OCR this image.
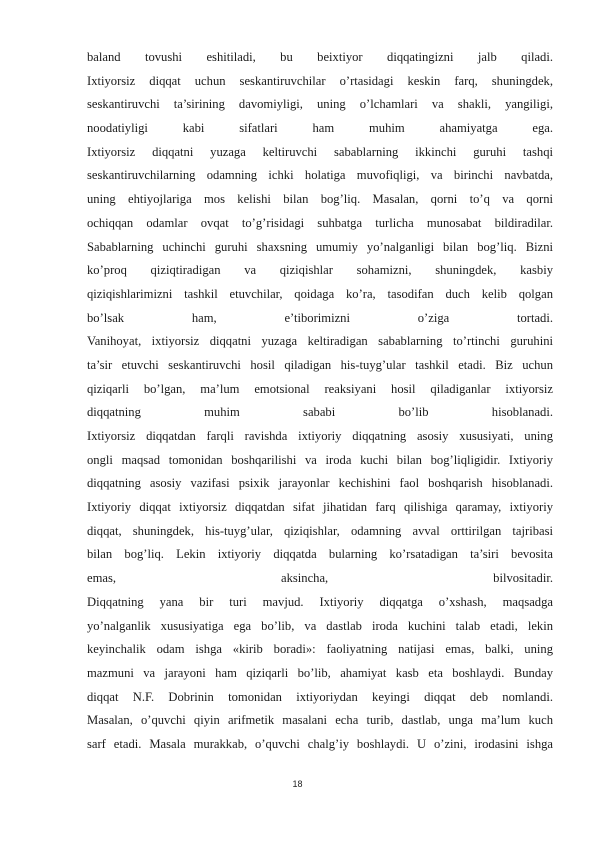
baland tovushi eshitiladi, bu beixtiyor diqqatingizni jalb qiladi.
Ixtiyorsiz diqqat uchun seskantiruvchilar o’rtasidagi keskin farq, shuningdek,
seskantiruvchi ta’sirining davomiyligi, uning o’lchamlari va shakli, yangiligi,
noodatiyligi kabi sifatlari ham muhim ahamiyatga ega.
Ixtiyorsiz diqqatni yuzaga keltiruvchi sabablarning ikkinchi guruhi tashqi
seskantiruvchilarning odamning ichki holatiga muvofiqligi, va birinchi navbatda,
uning ehtiyojlariga mos kelishi bilan bog’liq. Masalan, qorni to’q va qorni
ochiqqan odamlar ovqat to’g’risidagi suhbatga turlicha munosabat bildiradilar.
Sabablarning uchinchi guruhi shaxsning umumiy yo’nalganligi bilan bog’liq. Bizni
ko’proq qiziqtiradigan va qiziqishlar sohamizni, shuningdek, kasbiy
qiziqishlarimizni tashkil etuvchilar, qoidaga ko’ra, tasodifan duch kelib qolgan
bo’lsak ham, e’tiborimizni o’ziga tortadi.
Vanihoyat, ixtiyorsiz diqqatni yuzaga keltiradigan sabablarning to’rtinchi guruhini
ta’sir etuvchi seskantiruvchi hosil qiladigan his-tuyg’ular tashkil etadi. Biz uchun
qiziqarli bo’lgan, ma’lum emotsional reaksiyani hosil qiladiganlar ixtiyorsiz
diqqatning muhim sababi bo’lib hisoblanadi.
Ixtiyorsiz diqqatdan farqli ravishda ixtiyoriy diqqatning asosiy xususiyati, uning
ongli maqsad tomonidan boshqarilishi va iroda kuchi bilan bog’liqligidir. Ixtiyoriy
diqqatning asosiy vazifasi psixik jarayonlar kechishini faol boshqarish hisoblanadi.
Ixtiyoriy diqqat ixtiyorsiz diqqatdan sifat jihatidan farq qilishiga qaramay, ixtiyoriy
diqqat, shuningdek, his-tuyg’ular, qiziqishlar, odamning avval orttirilgan tajribasi
bilan bog’liq. Lekin ixtiyoriy diqqatda bularning ko’rsatadigan ta’siri bevosita
emas, aksincha, bilvositadir.
Diqqatning yana bir turi mavjud. Ixtiyoriy diqqatga o’xshash, maqsadga
yo’nalganlik xususiyatiga ega bo’lib, va dastlab iroda kuchini talab etadi, lekin
keyinchalik odam ishga «kirib boradi»: faoliyatning natijasi emas, balki, uning
mazmuni va jarayoni ham qiziqarli bo’lib, ahamiyat kasb eta boshlaydi. Bunday
diqqat N.F. Dobrinin tomonidan ixtiyoriydan keyingi diqqat deb nomlandi.
Masalan, o’quvchi qiyin arifmetik masalani echa turib, dastlab, unga ma’lum kuch
sarf etadi. Masala murakkab, o’quvchi chalg’iy boshlaydi. U o’zini, irodasini ishga
18
